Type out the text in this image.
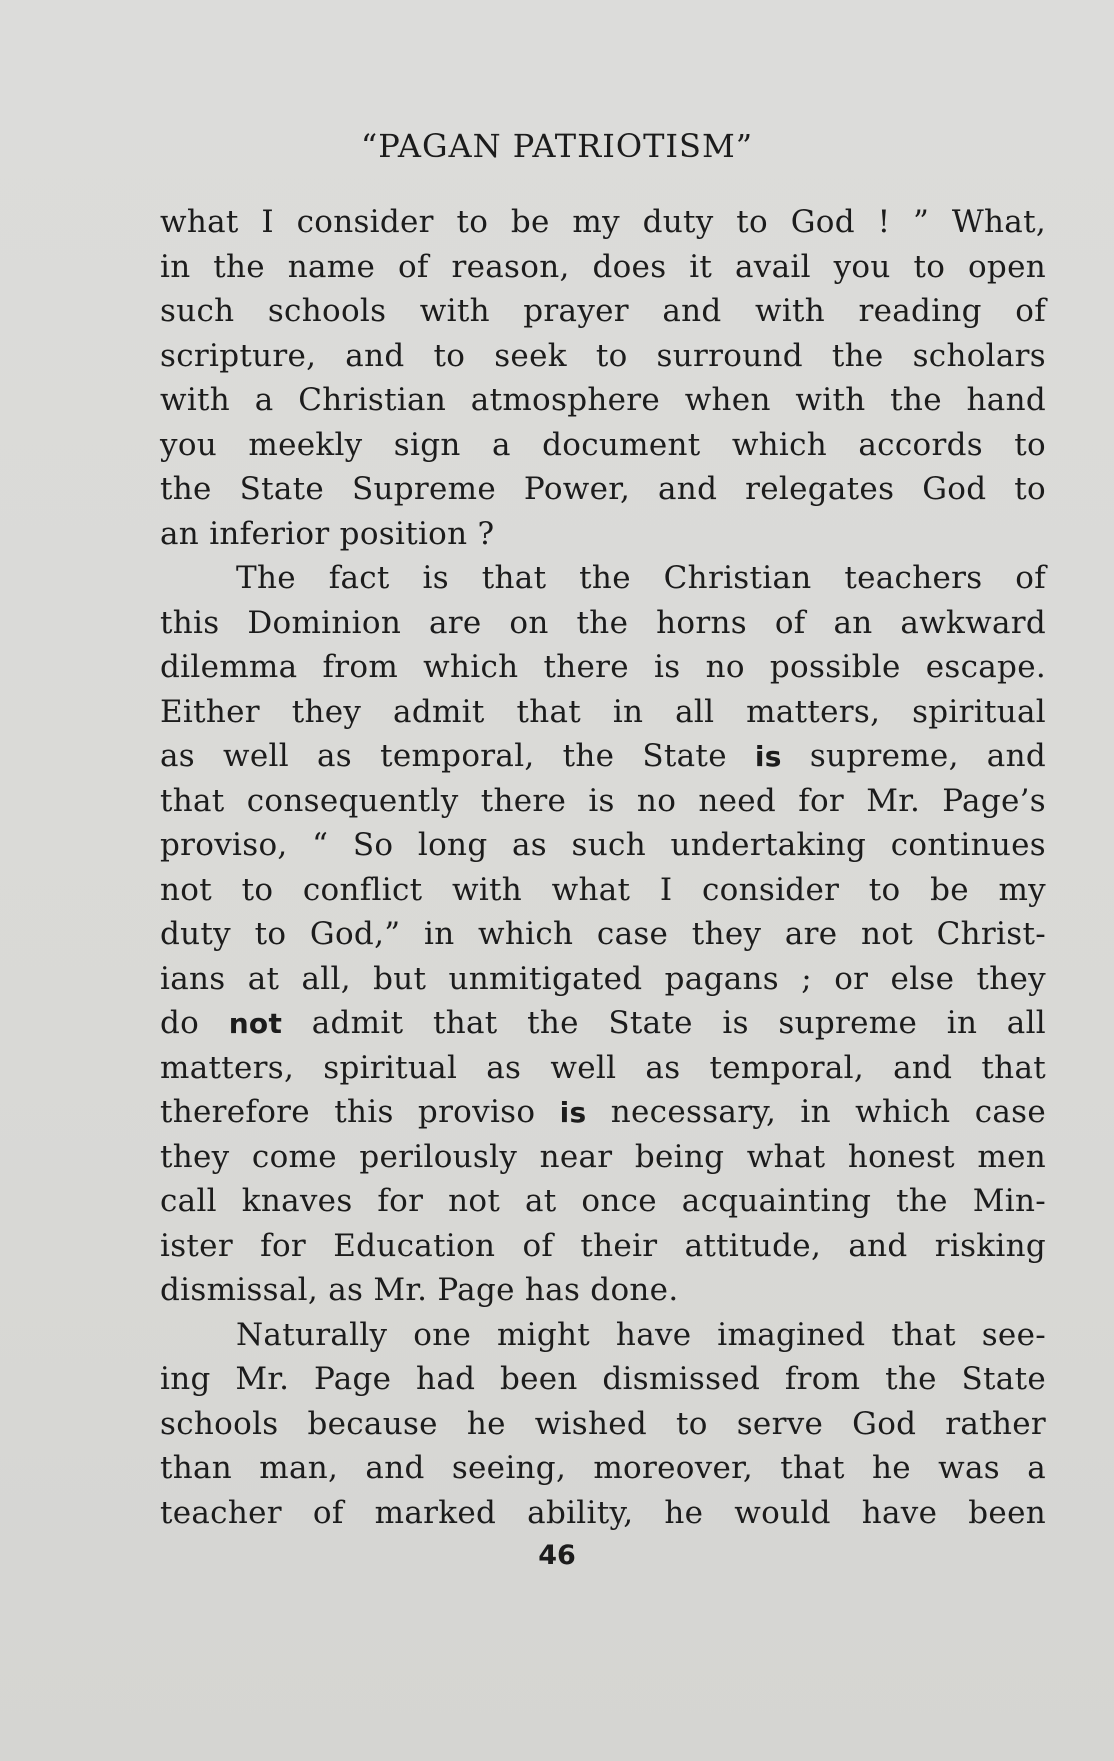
“PAGAN PATRIOTISM”
what I consider to be my duty to God ! ” What,
in the name of reason, does it avail you to open
such schools with prayer and with reading of
scripture, and to seek to surround the scholars
with a Christian atmosphere when with the hand
you meekly sign a document which accords to
the State Supreme Power, and relegates God to
an inferior position ?
The fact is that the Christian teachers of
this Dominion are on the horns of an awkward
dilemma from which there is no possible escape.
Either they admit that in all matters, spiritual
as well as temporal, the State is supreme, and
that consequently there is no need for Mr. Page’s
proviso, “ So long as such undertaking continues
not to conflict with what I consider to be my
duty to God,” in which case they are not Christ-
ians at all, but unmitigated pagans ; or else they
do not admit that the State is supreme in all
matters, spiritual as well as temporal, and that
therefore this proviso is necessary, in which case
they come perilously near being what honest men
call knaves for not at once acquainting the Min-
ister for Education of their attitude, and risking
dismissal, as Mr. Page has done.
Naturally one might have imagined that see-
ing Mr. Page had been dismissed from the State
schools because he wished to serve God rather
than man, and seeing, moreover, that he was a
teacher of marked ability, he would have been
46
